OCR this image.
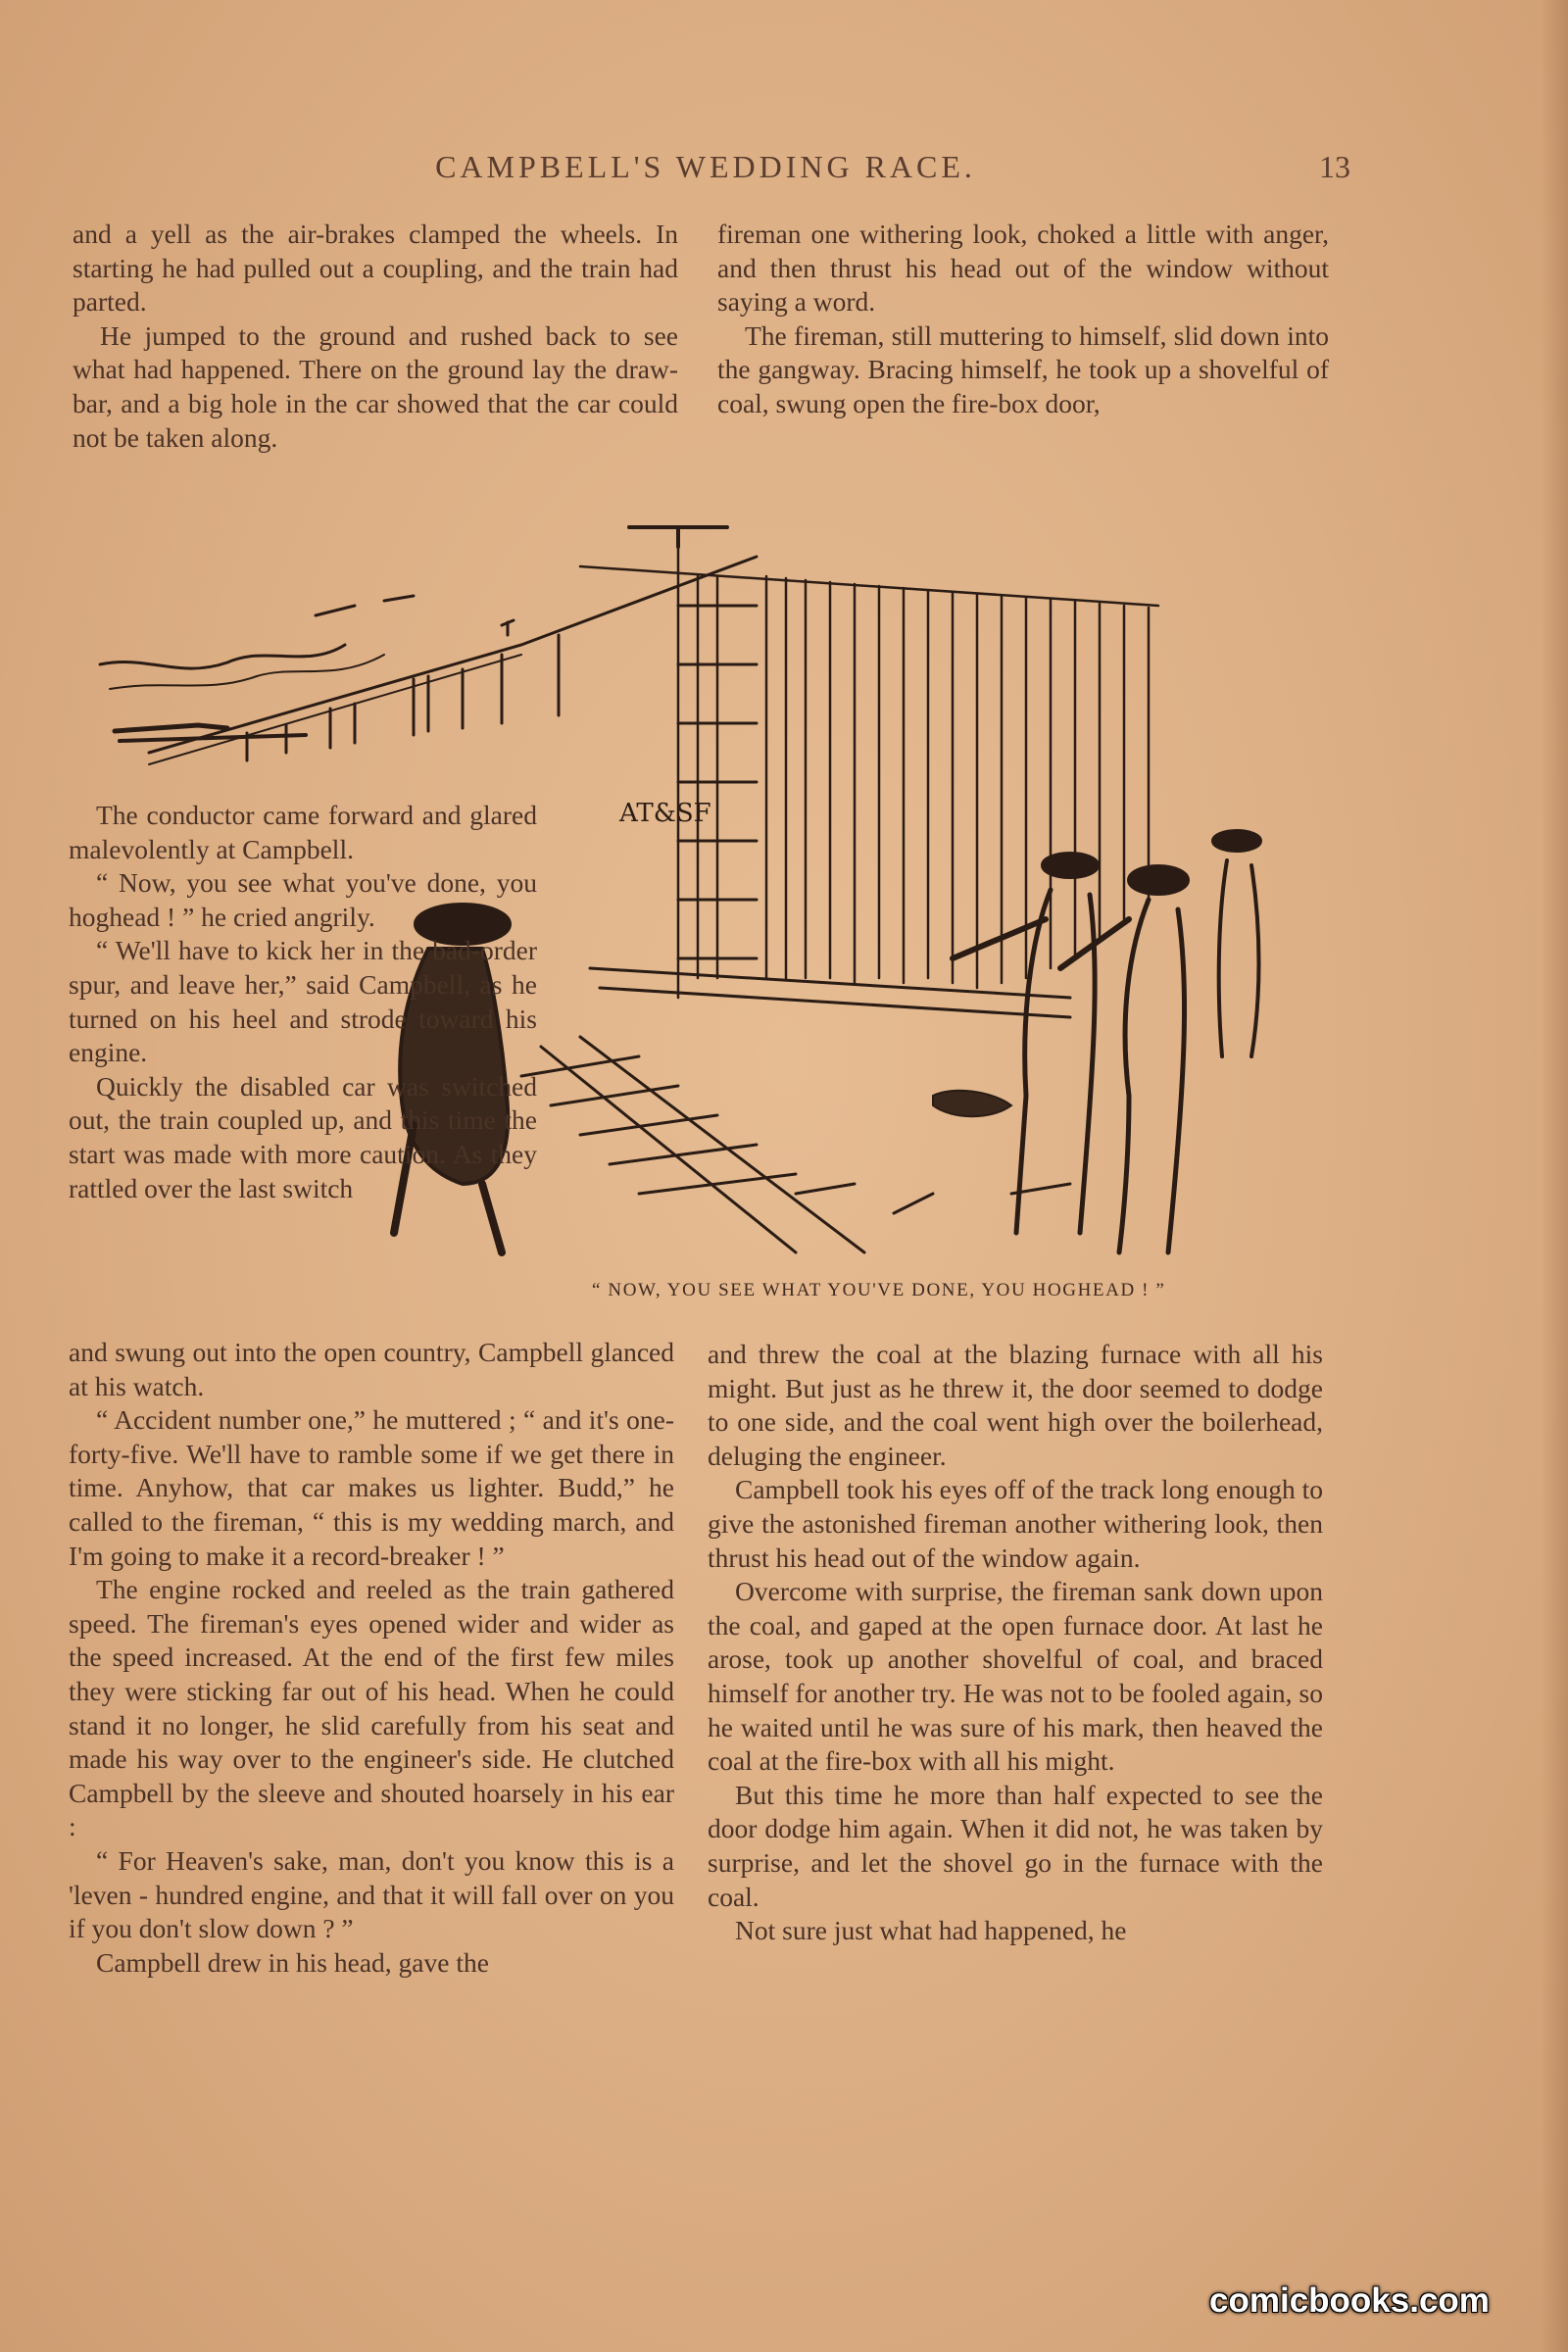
CAMPBELL'S WEDDING RACE.	13

and a yell as the air-brakes clamped the wheels. In starting he had pulled out a coupling, and the train had parted.

He jumped to the ground and rushed back to see what had happened. There on the ground lay the draw-bar, and a big hole in the car showed that the car could not be taken along.

fireman one withering look, choked a little with anger, and then thrust his head out of the window without saying a word.

The fireman, still muttering to himself, slid down into the gangway. Bracing himself, he took up a shovelful of coal, swung open the fire-box door,

AT&SF
“ NOW, YOU SEE WHAT YOU'VE DONE, YOU HOGHEAD ! ”

The conductor came forward and glared malevolently at Campbell.

“ Now, you see what you've done, you hoghead ! ” he cried angrily.

“ We'll have to kick her in the bad-order spur, and leave her,” said Campbell, as he turned on his heel and strode toward his engine.

Quickly the disabled car was switched out, the train coupled up, and this time the start was made with more caution. As they rattled over the last switch

and swung out into the open country, Campbell glanced at his watch.

“ Accident number one,” he muttered ; “ and it's one-forty-five. We'll have to ramble some if we get there in time. Anyhow, that car makes us lighter. Budd,” he called to the fireman, “ this is my wedding march, and I'm going to make it a record-breaker ! ”

The engine rocked and reeled as the train gathered speed. The fireman's eyes opened wider and wider as the speed increased. At the end of the first few miles they were sticking far out of his head. When he could stand it no longer, he slid carefully from his seat and made his way over to the engineer's side. He clutched Campbell by the sleeve and shouted hoarsely in his ear :

“ For Heaven's sake, man, don't you know this is a 'leven - hundred engine, and that it will fall over on you if you don't slow down ? ”

Campbell drew in his head, gave the

and threw the coal at the blazing furnace with all his might. But just as he threw it, the door seemed to dodge to one side, and the coal went high over the boilerhead, deluging the engineer.

Campbell took his eyes off of the track long enough to give the astonished fireman another withering look, then thrust his head out of the window again.

Overcome with surprise, the fireman sank down upon the coal, and gaped at the open furnace door. At last he arose, took up another shovelful of coal, and braced himself for another try. He was not to be fooled again, so he waited until he was sure of his mark, then heaved the coal at the fire-box with all his might.

But this time he more than half expected to see the door dodge him again. When it did not, he was taken by surprise, and let the shovel go in the furnace with the coal.

Not sure just what had happened, he

comicbooks.com
